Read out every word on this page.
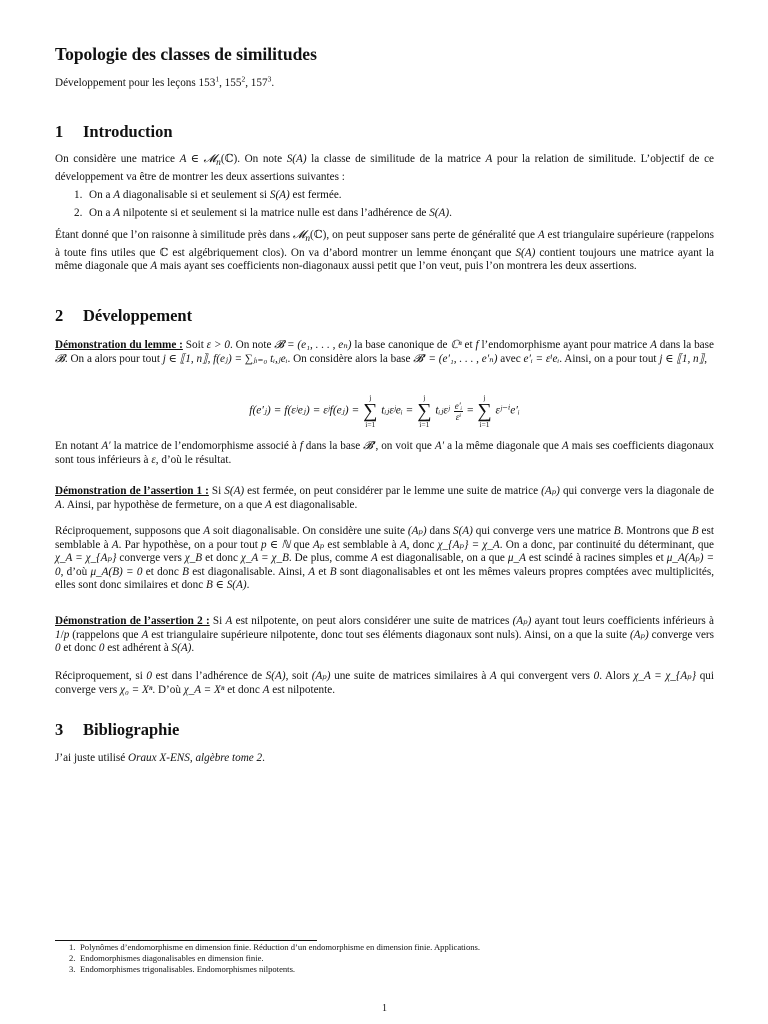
Topologie des classes de similitudes
Développement pour les leçons $153^1$, $155^2$, $157^3$.
1 Introduction

On considère une matrice A ∈ 𝓜$_n$(ℂ). On note S(A) la classe de similitude de la matrice A pour la relation de similitude. L’objectif de ce développement va être de montrer les deux assertions suivantes :

1. On a A diagonalisable si et seulement si S(A) est fermée.
2. On a A nilpotente si et seulement si la matrice nulle est dans l’adhérence de S(A).

Étant donné que l’on raisonne à similitude près dans 𝓜$_n$(ℂ), on peut supposer sans perte de généralité que A est triangulaire supérieure (rappelons à toute fins utiles que ℂ est algébriquement clos). On va d’abord montrer un lemme énonçant que S(A) contient toujours une matrice ayant la même diagonale que A mais ayant ses coefficients non-diagonaux aussi petit que l’on veut, puis l’on montrera les deux assertions.

2 Développement

Démonstration du lemme : Soit ε > 0. On note 𝓑 = (e₁, . . . , eₙ) la base canonique de ℂⁿ et f l’endomorphisme ayant pour matrice A dans la base 𝓑. On a alors pour tout j ∈ ⟦1, n⟧, f(eⱼ) = ∑ⱼᵢ₌₀ tᵢ,ⱼeᵢ. On considère alors la base 𝓑′ = (e′₁, . . . , e′ₙ) avec e′ᵢ = εⁱeᵢ. Ainsi, on a pour tout j ∈ ⟦1, n⟧,

f(e′ⱼ) = f(εʲeⱼ) = εʲf(eⱼ) = j
∑
i=1 tᵢⱼεʲeᵢ = j
∑
i=1 tᵢⱼεʲ $\frac{\text{e′ᵢ}}{\text{εⁱ}} = j$
∑
i=1 εʲ⁻ⁱe′ᵢ

En notant A′ la matrice de l’endomorphisme associé à f dans la base 𝓑′, on voit que A′ a la même diagonale que A mais ses coefficients diagonaux sont tous inférieurs à ε, d’où le résultat.

Démonstration de l’assertion 1 : Si S(A) est fermée, on peut considérer par le lemme une suite de matrice (Aₚ) qui converge vers la diagonale de A. Ainsi, par hypothèse de fermeture, on a que A est diagonalisable.

Réciproquement, supposons que A soit diagonalisable. On considère une suite (Aₚ) dans S(A) qui converge vers une matrice B. Montrons que B est semblable à A. Par hypothèse, on a pour tout p ∈ ℕ que Aₚ est semblable à A, donc χ_{Aₚ} = χ_A. On a donc, par continuité du déterminant, que χ_A = χ_{Aₚ} converge vers χ_B et donc χ_A = χ_B. De plus, comme A est diagonalisable, on a que μ_A est scindé à racines simples et μ_A(Aₚ) = 0, d’où μ_A(B) = 0 et donc B est diagonalisable. Ainsi, A et B sont diagonalisables et ont les mêmes valeurs propres comptées avec multiplicités, elles sont donc similaires et donc B ∈ S(A).

Démonstration de l’assertion 2 : Si A est nilpotente, on peut alors considérer une suite de matrices (Aₚ) ayant tout leurs coefficients inférieurs à 1/p (rappelons que A est triangulaire supérieure nilpotente, donc tout ses éléments diagonaux sont nuls). Ainsi, on a que la suite (Aₚ) converge vers 0 et donc 0 est adhérent à S(A).

Réciproquement, si 0 est dans l’adhérence de S(A), soit (Aₚ) une suite de matrices similaires à A qui convergent vers 0. Alors χ_A = χ_{Aₚ} qui converge vers χ₀ = Xⁿ. D’où χ_A = Xⁿ et donc A est nilpotente.

3 Bibliographie

J’ai juste utilisé Oraux X-ENS, algèbre tome 2.

1. Polynômes d’endomorphisme en dimension finie. Réduction d’un endomorphisme en dimension finie. Applications.
2. Endomorphismes diagonalisables en dimension finie.
3. Endomorphismes trigonalisables. Endomorphismes nilpotents.
1
